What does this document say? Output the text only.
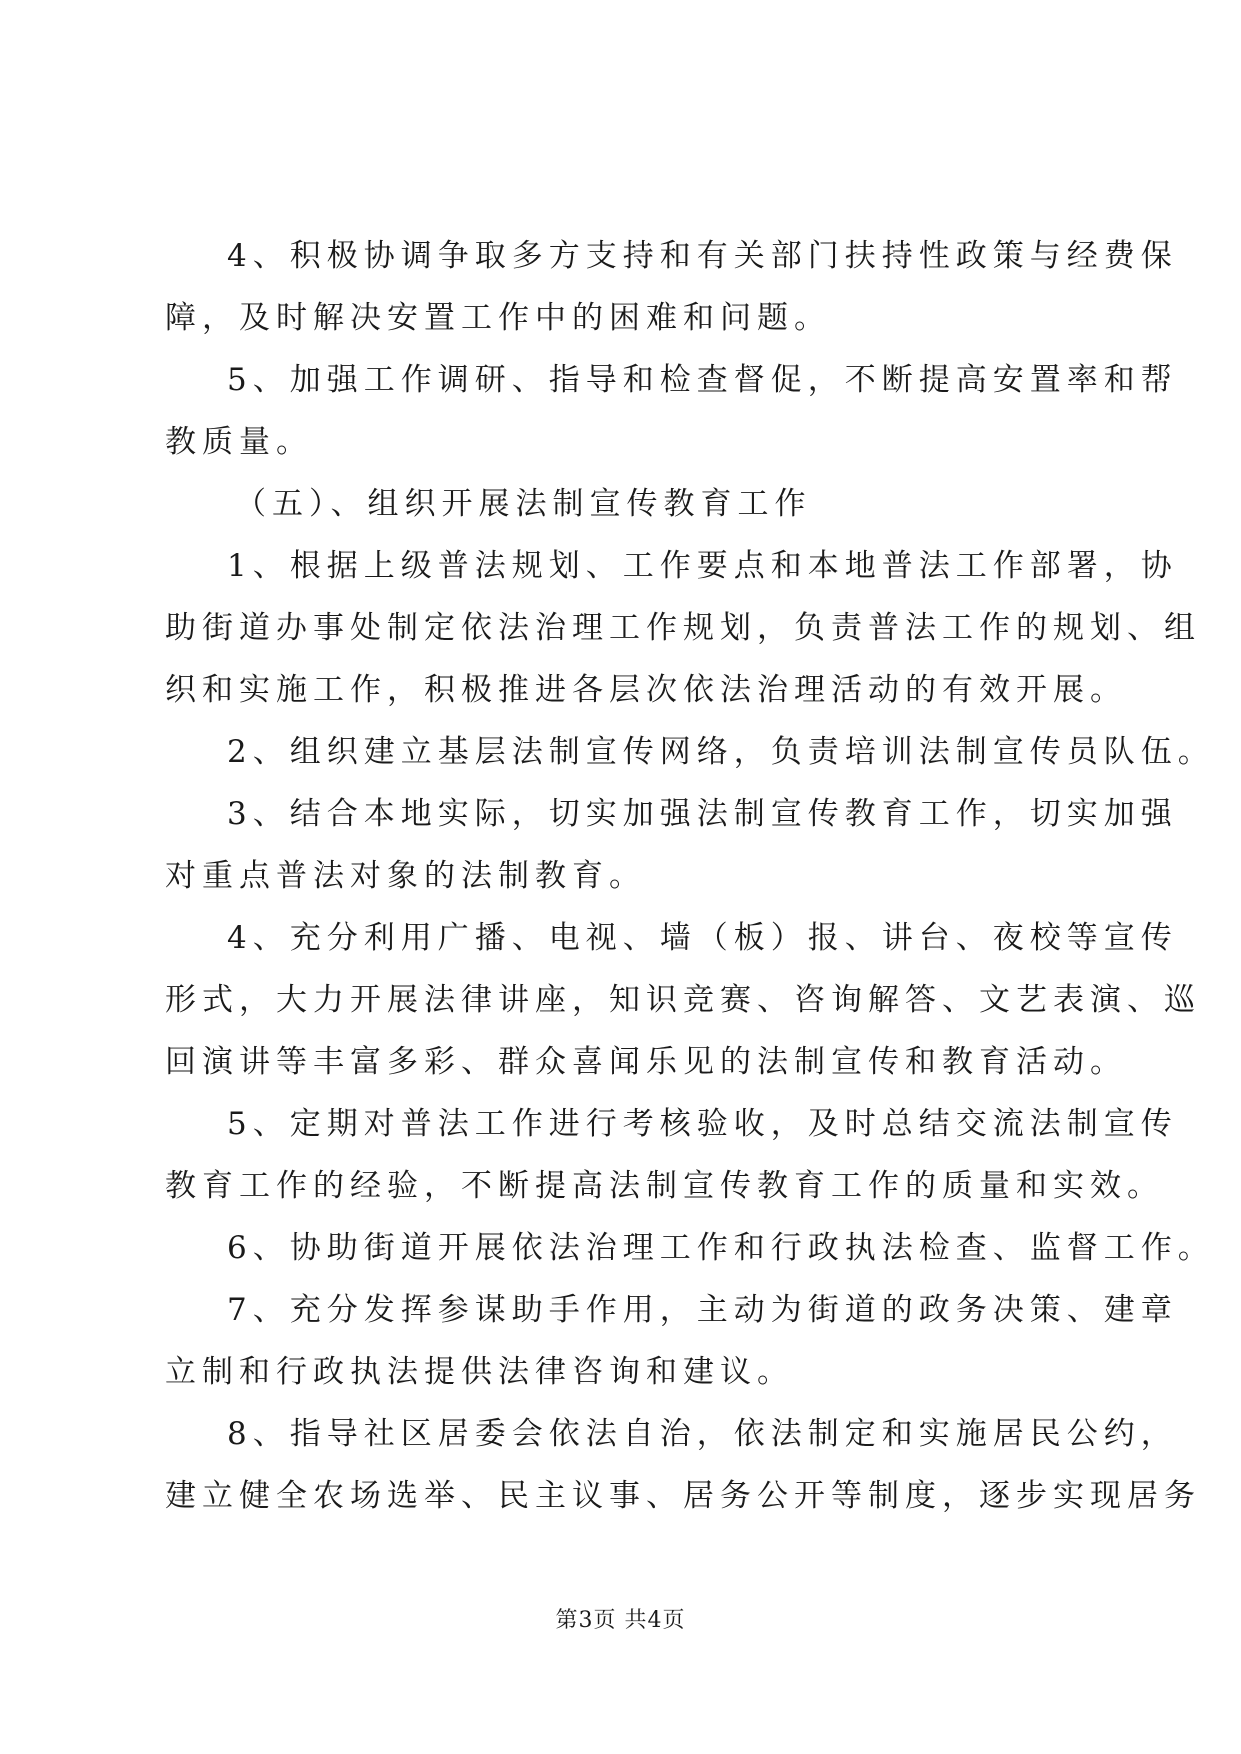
4、积极协调争取多方支持和有关部门扶持性政策与经费保

障，及时解决安置工作中的困难和问题。

5、加强工作调研、指导和检查督促，不断提高安置率和帮

教质量。

（五）、组织开展法制宣传教育工作

1、根据上级普法规划、工作要点和本地普法工作部署，协

助街道办事处制定依法治理工作规划，负责普法工作的规划、组

织和实施工作，积极推进各层次依法治理活动的有效开展。

2、组织建立基层法制宣传网络，负责培训法制宣传员队伍。

3、结合本地实际，切实加强法制宣传教育工作，切实加强

对重点普法对象的法制教育。

4、充分利用广播、电视、墙（板）报、讲台、夜校等宣传

形式，大力开展法律讲座，知识竞赛、咨询解答、文艺表演、巡

回演讲等丰富多彩、群众喜闻乐见的法制宣传和教育活动。

5、定期对普法工作进行考核验收，及时总结交流法制宣传

教育工作的经验，不断提高法制宣传教育工作的质量和实效。

6、协助街道开展依法治理工作和行政执法检查、监督工作。

7、充分发挥参谋助手作用，主动为街道的政务决策、建章

立制和行政执法提供法律咨询和建议。

8、指导社区居委会依法自治，依法制定和实施居民公约，

建立健全农场选举、民主议事、居务公开等制度，逐步实现居务

第3页 共4页
